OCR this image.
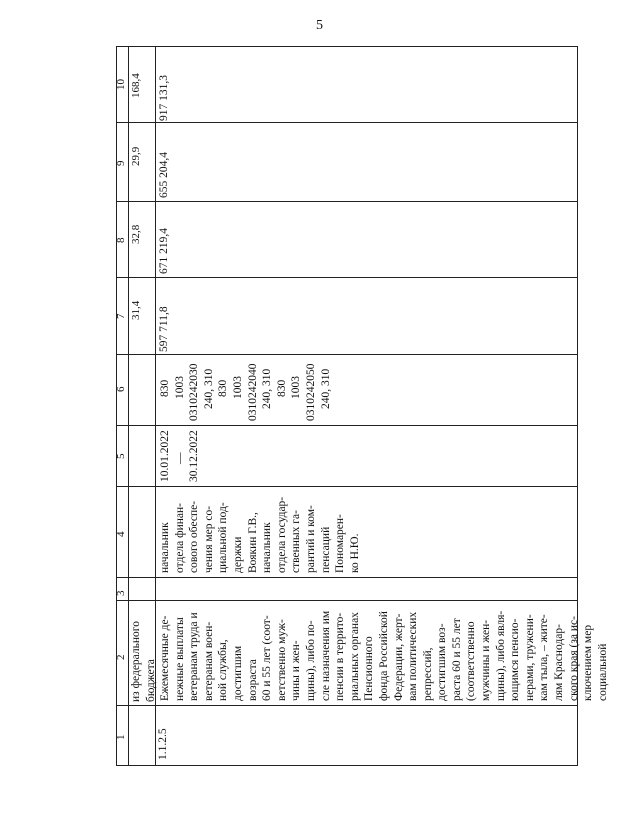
5
1
2
3
4
5
6
7
8
9
10
из федерального бюджета
31,4
32,8
29,9
168,4
1.1.2.5
Ежемесячные де- нежные выплаты ветеранам труда и ветеранам воен- ной службы, достигшим возраста 60 и 55 лет (соот- ветственно муж- чины и жен- щины), либо по- сле назначения им пенсии в террито- риальных органах Пенсионного фонда Российской Федерации, жерт- вам политических репрессий, достигшим воз- раста 60 и 55 лет (соответственно мужчины и жен- щины), либо явля- ющимся пенсио- нерами, тружени- кам тыла, – жите- лям Краснодар- ского края (за ис- ключением мер социальной
начальник отдела финан- сового обеспе- чения мер со- циальной под- держки Воякин Г.В., начальник отдела государ- ственных га- рантий и ком- пенсаций Пономарен- ко Н.Ю.
10.01.2022 — 30.12.2022
830 1003 0310242030 240, 310 830 1003 0310242040 240, 310 830 1003 0310242050 240, 310
597 711,8
671 219,4
655 204,4
917 131,3
